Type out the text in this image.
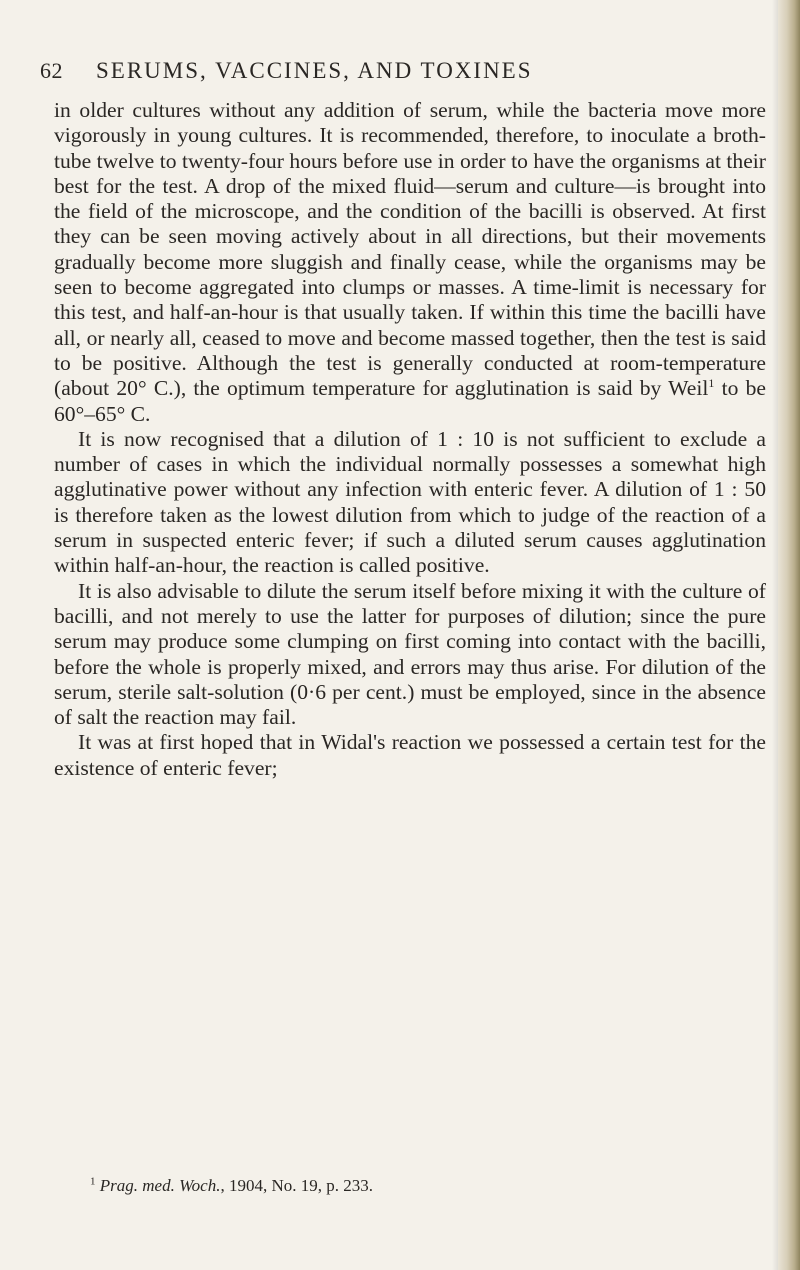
62 SERUMS, VACCINES, AND TOXINES

in older cultures without any addition of serum, while the bacteria move more vigorously in young cultures. It is recommended, therefore, to inoculate a broth-tube twelve to twenty-four hours before use in order to have the organisms at their best for the test. A drop of the mixed fluid—serum and culture—is brought into the field of the microscope, and the condition of the bacilli is observed. At first they can be seen moving actively about in all directions, but their movements gradually become more sluggish and finally cease, while the organisms may be seen to become aggregated into clumps or masses. A time-limit is necessary for this test, and half-an-hour is that usually taken. If within this time the bacilli have all, or nearly all, ceased to move and become massed together, then the test is said to be positive. Although the test is generally conducted at room-temperature (about 20° C.), the optimum temperature for agglutination is said by Weil$^1$ to be 60°–65° C.

It is now recognised that a dilution of 1 : 10 is not sufficient to exclude a number of cases in which the individual normally possesses a somewhat high agglutinative power without any infection with enteric fever. A dilution of 1 : 50 is therefore taken as the lowest dilution from which to judge of the reaction of a serum in suspected enteric fever; if such a diluted serum causes agglutination within half-an-hour, the reaction is called positive.

It is also advisable to dilute the serum itself before mixing it with the culture of bacilli, and not merely to use the latter for purposes of dilution; since the pure serum may produce some clumping on first coming into contact with the bacilli, before the whole is properly mixed, and errors may thus arise. For dilution of the serum, sterile salt-solution (0·6 per cent.) must be employed, since in the absence of salt the reaction may fail.

It was at first hoped that in Widal's reaction we possessed a certain test for the existence of enteric fever;

$^1$ Prag. med. Woch., 1904, No. 19, p. 233.
